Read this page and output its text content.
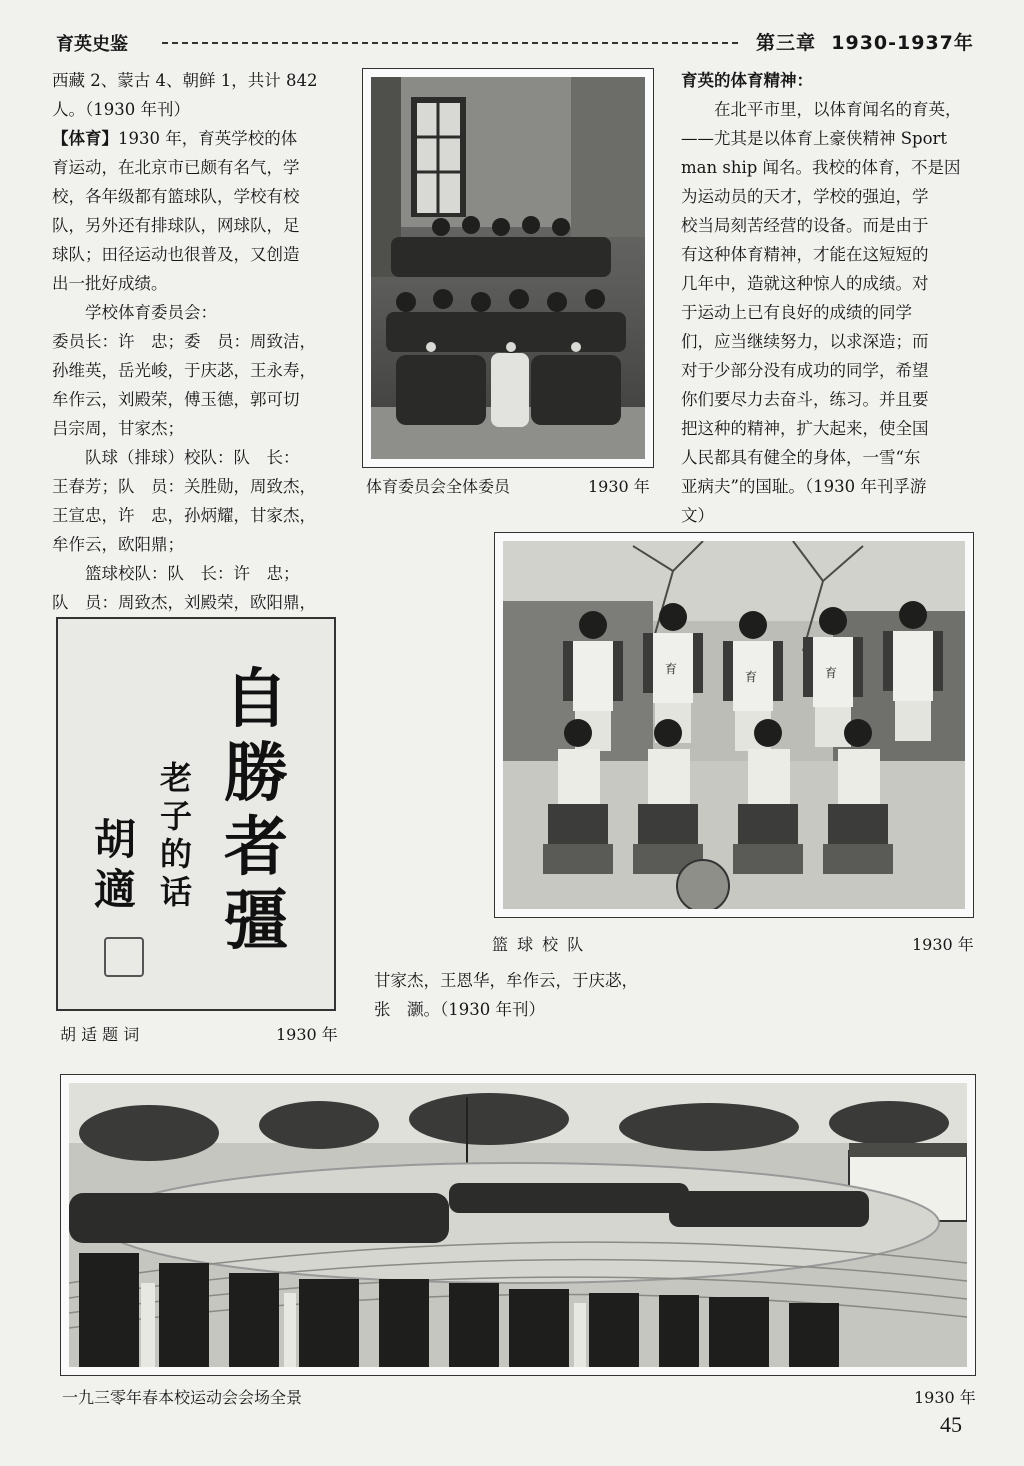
育英史鉴	第三章 1930-1937年

西藏 2、蒙古 4、朝鲜 1，共计 842

人。（1930 年刊）

【体育】1930 年，育英学校的体

育运动，在北京市已颇有名气，学

校，各年级都有篮球队，学校有校

队，另外还有排球队，网球队，足

球队；田径运动也很普及，又创造

出一批好成绩。

学校体育委员会：

委员长：许　忠；委　员：周致洁，

孙维英，岳光峻，于庆苾，王永寿，

牟作云，刘殿荣，傅玉德，郭可切

吕宗周，甘家杰；

队球（排球）校队：队　长：

王春芳；队　员：关胜勋，周致杰，

王宣忠，许　忠，孙炳耀，甘家杰，

牟作云，欧阳鼎；

篮球校队：队　长：许　忠；

队　员：周致杰，刘殿荣，欧阳鼎，

体育委员会全体委员	1930 年

育英的体育精神：

在北平市里，以体育闻名的育英，

——尤其是以体育上豪侠精神 Sport

man ship 闻名。我校的体育，不是因

为运动员的天才，学校的强迫，学

校当局刻苦经营的设备。而是由于

有这种体育精神，才能在这短短的

几年中，造就这种惊人的成绩。对

于运动上已有良好的成绩的同学

们，应当继续努力，以求深造；而

对于少部分没有成功的同学，希望

你们要尽力去奋斗，练习。并且要

把这种的精神，扩大起来，使全国

人民都具有健全的身体，一雪“东

亚病夫”的国耻。（1930 年刊孚游

文）

育
育	育
篮 球 校 队	1930 年

甘家杰，王恩华，牟作云，于庆苾，

张　灏。（1930 年刊）

自勝者彊
老子的话
胡適
胡 适 题 词	1930 年
一九三零年春本校运动会会场全景	1930 年
45
